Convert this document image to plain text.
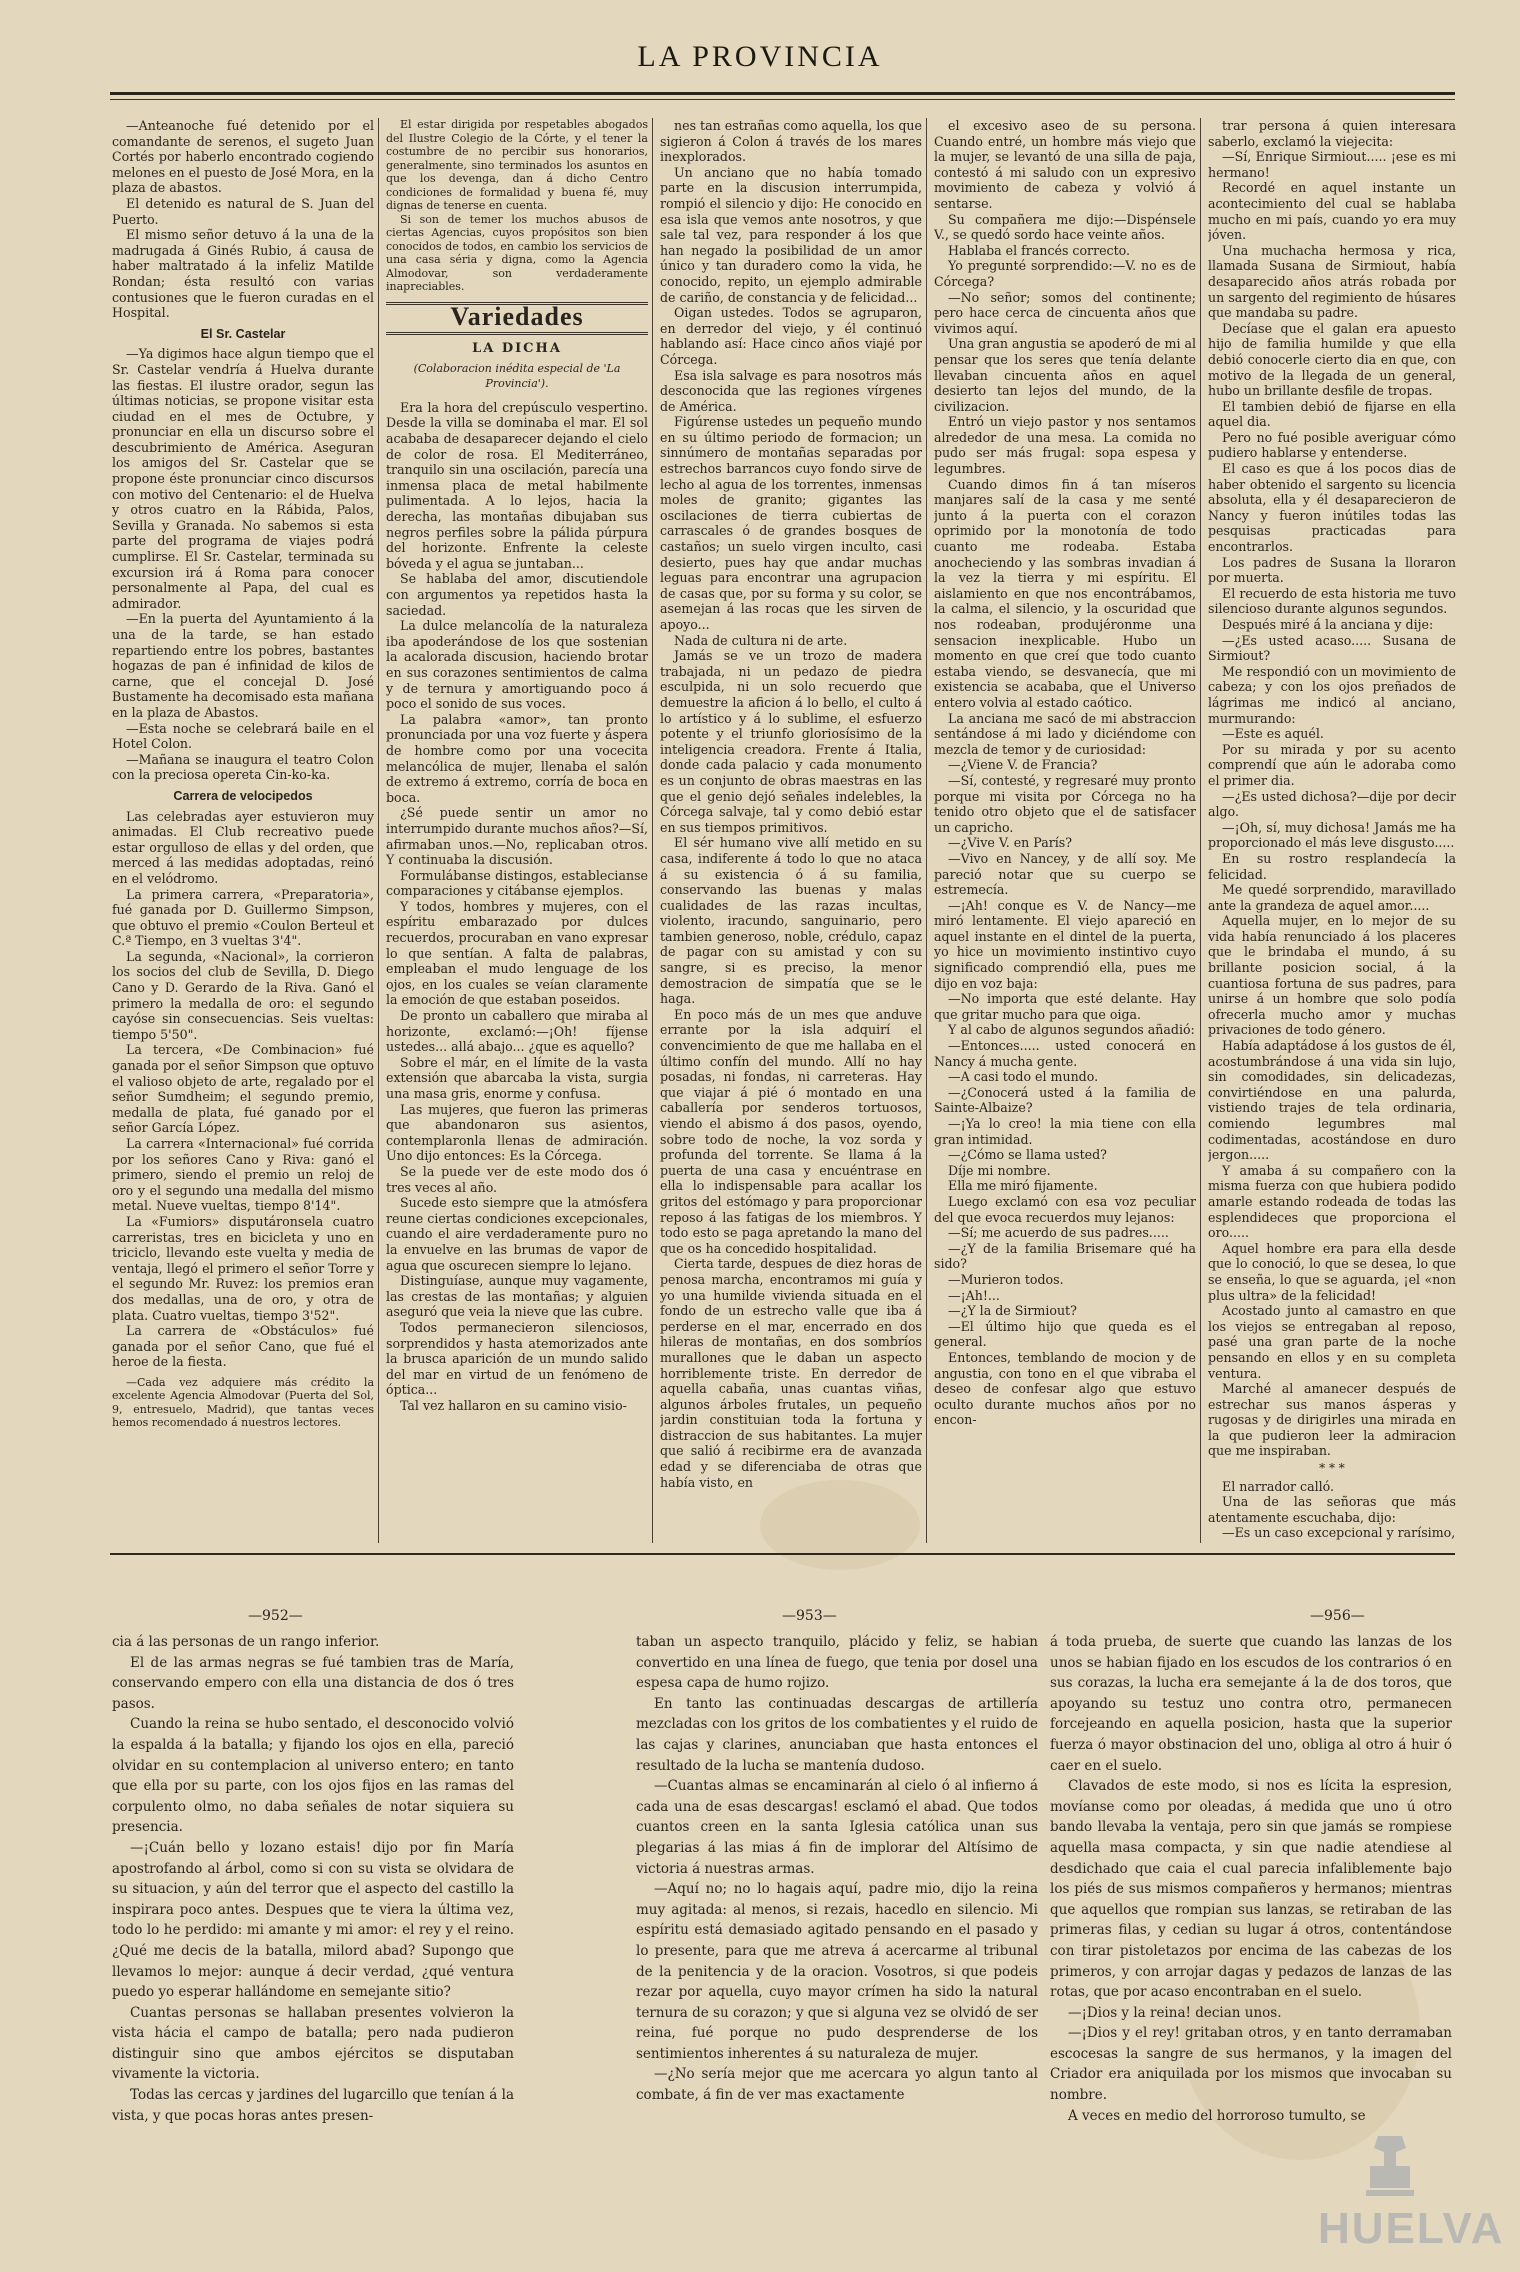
LA PROVINCIA

—Anteanoche fué detenido por el comandante de serenos, el sugeto Juan Cortés por haberlo encontrado cogiendo melones en el puesto de José Mora, en la plaza de abastos.

El detenido es natural de S. Juan del Puerto.

El mismo señor detuvo á la una de la madrugada á Ginés Rubio, á causa de haber maltratado á la infeliz Matilde Rondan; ésta resultó con varias contusiones que le fueron curadas en el Hospital.

El Sr. Castelar

—Ya digimos hace algun tiempo que el Sr. Castelar vendría á Huelva durante las fiestas. El ilustre orador, segun las últimas noticias, se propone visitar esta ciudad en el mes de Octubre, y pronunciar en ella un discurso sobre el descubrimiento de América. Aseguran los amigos del Sr. Castelar que se propone éste pronunciar cinco discursos con motivo del Centenario: el de Huelva y otros cuatro en la Rábida, Palos, Sevilla y Granada. No sabemos si esta parte del programa de viajes podrá cumplirse. El Sr. Castelar, terminada su excursion irá á Roma para conocer personalmente al Papa, del cual es admirador.

—En la puerta del Ayuntamiento á la una de la tarde, se han estado repartiendo entre los pobres, bastantes hogazas de pan é infinidad de kilos de carne, que el concejal D. José Bustamente ha decomisado esta mañana en la plaza de Abastos.

—Esta noche se celebrará baile en el Hotel Colon.

—Mañana se inaugura el teatro Colon con la preciosa opereta Cin-ko-ka.

Carrera de velocipedos

Las celebradas ayer estuvieron muy animadas. El Club recreativo puede estar orgulloso de ellas y del orden, que merced á las medidas adoptadas, reinó en el velódromo.

La primera carrera, «Preparatoria», fué ganada por D. Guillermo Simpson, que obtuvo el premio «Coulon Berteul et C.ª Tiempo, en 3 vueltas 3'4".

La segunda, «Nacional», la corrieron los socios del club de Sevilla, D. Diego Cano y D. Gerardo de la Riva. Ganó el primero la medalla de oro: el segundo cayóse sin consecuencias. Seis vueltas: tiempo 5'50".

La tercera, «De Combinacion» fué ganada por el señor Simpson que optuvo el valioso objeto de arte, regalado por el señor Sumdheim; el segundo premio, medalla de plata, fué ganado por el señor García López.

La carrera «Internacional» fué corrida por los señores Cano y Riva: ganó el primero, siendo el premio un reloj de oro y el segundo una medalla del mismo metal. Nueve vueltas, tiempo 8'14".

La «Fumiors» disputáronsela cuatro carreristas, tres en bicicleta y uno en triciclo, llevando este vuelta y media de ventaja, llegó el primero el señor Torre y el segundo Mr. Ruvez: los premios eran dos medallas, una de oro, y otra de plata. Cuatro vueltas, tiempo 3'52".

La carrera de «Obstáculos» fué ganada por el señor Cano, que fué el heroe de la fiesta.

—Cada vez adquiere más crédito la excelente Agencia Almodovar (Puerta del Sol, 9, entresuelo, Madrid), que tantas veces hemos recomendado á nuestros lectores.

El estar dirigida por respetables abogados del Ilustre Colegio de la Córte, y el tener la costumbre de no percibir sus honorarios, generalmente, sino terminados los asuntos en que los devenga, dan á dicho Centro condiciones de formalidad y buena fé, muy dignas de tenerse en cuenta.

Si son de temer los muchos abusos de ciertas Agencias, cuyos propósitos son bien conocidos de todos, en cambio los servicios de una casa séria y digna, como la Agencia Almodovar, son verdaderamente inapreciables.

Variedades
LA DICHA
(Colaboracion inédita especial de 'La Provincia').

Era la hora del crepúsculo vespertino. Desde la villa se dominaba el mar. El sol acababa de desaparecer dejando el cielo de color de rosa. El Mediterráneo, tranquilo sin una oscilación, parecía una inmensa placa de metal habilmente pulimentada. A lo lejos, hacia la derecha, las montañas dibujaban sus negros perfiles sobre la pálida púrpura del horizonte. Enfrente la celeste bóveda y el agua se juntaban...

Se hablaba del amor, discutiendole con argumentos ya repetidos hasta la saciedad.

La dulce melancolía de la naturaleza iba apoderándose de los que sostenian la acalorada discusion, haciendo brotar en sus corazones sentimientos de calma y de ternura y amortiguando poco á poco el sonido de sus voces.

La palabra «amor», tan pronto pronunciada por una voz fuerte y áspera de hombre como por una vocecita melancólica de mujer, llenaba el salón de extremo á extremo, corría de boca en boca.

¿Sé puede sentir un amor no interrumpido durante muchos años?—Sí, afirmaban unos.—No, replicaban otros. Y continuaba la discusión.

Formulábanse distingos, establecianse comparaciones y citábanse ejemplos.

Y todos, hombres y mujeres, con el espíritu embarazado por dulces recuerdos, procuraban en vano expresar lo que sentían. A falta de palabras, empleaban el mudo lenguage de los ojos, en los cuales se veían claramente la emoción de que estaban poseidos.

De pronto un caballero que miraba al horizonte, exclamó:—¡Oh! fíjense ustedes... allá abajo... ¿que es aquello?

Sobre el már, en el límite de la vasta extensión que abarcaba la vista, surgia una masa gris, enorme y confusa.

Las mujeres, que fueron las primeras que abandonaron sus asientos, contemplaronla llenas de admiración. Uno dijo entonces: Es la Córcega.

Se la puede ver de este modo dos ó tres veces al año.

Sucede esto siempre que la atmósfera reune ciertas condiciones excepcionales, cuando el aire verdaderamente puro no la envuelve en las brumas de vapor de agua que oscurecen siempre lo lejano.

Distinguíase, aunque muy vagamente, las crestas de las montañas; y alguien aseguró que veia la nieve que las cubre.

Todos permanecieron silenciosos, sorprendidos y hasta atemorizados ante la brusca aparición de un mundo salido del mar en virtud de un fenómeno de óptica...

Tal vez hallaron en su camino visio-

nes tan estrañas como aquella, los que sigieron á Colon á través de los mares inexplorados.

Un anciano que no había tomado parte en la discusion interrumpida, rompió el silencio y dijo: He conocido en esa isla que vemos ante nosotros, y que sale tal vez, para responder á los que han negado la posibilidad de un amor único y tan duradero como la vida, he conocido, repito, un ejemplo admirable de cariño, de constancia y de felicidad...

Oigan ustedes. Todos se agruparon, en derredor del viejo, y él continuó hablando así: Hace cinco años viajé por Córcega.

Esa isla salvage es para nosotros más desconocida que las regiones vírgenes de América.

Figúrense ustedes un pequeño mundo en su último periodo de formacion; un sinnúmero de montañas separadas por estrechos barrancos cuyo fondo sirve de lecho al agua de los torrentes, inmensas moles de granito; gigantes las oscilaciones de tierra cubiertas de carrascales ó de grandes bosques de castaños; un suelo virgen inculto, casi desierto, pues hay que andar muchas leguas para encontrar una agrupacion de casas que, por su forma y su color, se asemejan á las rocas que les sirven de apoyo...

Nada de cultura ni de arte.

Jamás se ve un trozo de madera trabajada, ni un pedazo de piedra esculpida, ni un solo recuerdo que demuestre la aficion á lo bello, el culto á lo artístico y á lo sublime, el esfuerzo potente y el triunfo gloriosísimo de la inteligencia creadora. Frente á Italia, donde cada palacio y cada monumento es un conjunto de obras maestras en las que el genio dejó señales indelebles, la Córcega salvaje, tal y como debió estar en sus tiempos primitivos.

El sér humano vive allí metido en su casa, indiferente á todo lo que no ataca á su existencia ó á su familia, conservando las buenas y malas cualidades de las razas incultas, violento, iracundo, sanguinario, pero tambien generoso, noble, crédulo, capaz de pagar con su amistad y con su sangre, si es preciso, la menor demostracion de simpatía que se le haga.

En poco más de un mes que anduve errante por la isla adquirí el convencimiento de que me hallaba en el último confín del mundo. Allí no hay posadas, ni fondas, ni carreteras. Hay que viajar á pié ó montado en una caballería por senderos tortuosos, viendo el abismo á dos pasos, oyendo, sobre todo de noche, la voz sorda y profunda del torrente. Se llama á la puerta de una casa y encuéntrase en ella lo indispensable para acallar los gritos del estómago y para proporcionar reposo á las fatigas de los miembros. Y todo esto se paga apretando la mano del que os ha concedido hospitalidad.

Cierta tarde, despues de diez horas de penosa marcha, encontramos mi guía y yo una humilde vivienda situada en el fondo de un estrecho valle que iba á perderse en el mar, encerrado en dos hileras de montañas, en dos sombríos murallones que le daban un aspecto horriblemente triste. En derredor de aquella cabaña, unas cuantas viñas, algunos árboles frutales, un pequeño jardin constituian toda la fortuna y distraccion de sus habitantes. La mujer que salió á recibirme era de avanzada edad y se diferenciaba de otras que había visto, en

el excesivo aseo de su persona. Cuando entré, un hombre más viejo que la mujer, se levantó de una silla de paja, contestó á mi saludo con un expresivo movimiento de cabeza y volvió á sentarse.

Su compañera me dijo:—Dispénsele V., se quedó sordo hace veinte años.

Hablaba el francés correcto.

Yo pregunté sorprendido:—V. no es de Córcega?

—No señor; somos del continente; pero hace cerca de cincuenta años que vivimos aquí.

Una gran angustia se apoderó de mi al pensar que los seres que tenía delante llevaban cincuenta años en aquel desierto tan lejos del mundo, de la civilizacion.

Entró un viejo pastor y nos sentamos alrededor de una mesa. La comida no pudo ser más frugal: sopa espesa y legumbres.

Cuando dimos fin á tan míseros manjares salí de la casa y me senté junto á la puerta con el corazon oprimido por la monotonía de todo cuanto me rodeaba. Estaba anocheciendo y las sombras invadian á la vez la tierra y mi espíritu. El aislamiento en que nos encontrábamos, la calma, el silencio, y la oscuridad que nos rodeaban, produjéronme una sensacion inexplicable. Hubo un momento en que creí que todo cuanto estaba viendo, se desvanecía, que mi existencia se acababa, que el Universo entero volvia al estado caótico.

La anciana me sacó de mi abstraccion sentándose á mi lado y diciéndome con mezcla de temor y de curiosidad:

—¿Viene V. de Francia?

—Sí, contesté, y regresaré muy pronto porque mi visita por Córcega no ha tenido otro objeto que el de satisfacer un capricho.

—¿Vive V. en París?

—Vivo en Nancey, y de allí soy. Me pareció notar que su cuerpo se estremecía.

—¡Ah! conque es V. de Nancy—me miró lentamente. El viejo apareció en aquel instante en el dintel de la puerta, yo hice un movimiento instintivo cuyo significado comprendió ella, pues me dijo en voz baja:

—No importa que esté delante. Hay que gritar mucho para que oiga.

Y al cabo de algunos segundos añadió:

—Entonces..... usted conocerá en Nancy á mucha gente.

—A casi todo el mundo.

—¿Conocerá usted á la familia de Sainte-Albaize?

—¡Ya lo creo! la mia tiene con ella gran intimidad.

—¿Cómo se llama usted?

Díje mi nombre.

Ella me miró fijamente.

Luego exclamó con esa voz peculiar del que evoca recuerdos muy lejanos:

—Sí; me acuerdo de sus padres.....

—¿Y de la familia Brisemare qué ha sido?

—Murieron todos.

—¡Ah!...

—¿Y la de Sirmiout?

—El último hijo que queda es el general.

Entonces, temblando de mocion y de angustia, con tono en el que vibraba el deseo de confesar algo que estuvo oculto durante muchos años por no encon-

trar persona á quien interesara saberlo, exclamó la viejecita:

—Sí, Enrique Sirmiout..... ¡ese es mi hermano!

Recordé en aquel instante un acontecimiento del cual se hablaba mucho en mi país, cuando yo era muy jóven.

Una muchacha hermosa y rica, llamada Susana de Sirmiout, había desaparecido años atrás robada por un sargento del regimiento de húsares que mandaba su padre.

Decíase que el galan era apuesto hijo de familia humilde y que ella debió conocerle cierto dia en que, con motivo de la llegada de un general, hubo un brillante desfile de tropas.

El tambien debió de fijarse en ella aquel dia.

Pero no fué posible averiguar cómo pudiero hablarse y entenderse.

El caso es que á los pocos dias de haber obtenido el sargento su licencia absoluta, ella y él desaparecieron de Nancy y fueron inútiles todas las pesquisas practicadas para encontrarlos.

Los padres de Susana la lloraron por muerta.

El recuerdo de esta historia me tuvo silencioso durante algunos segundos.

Después miré á la anciana y dije:

—¿Es usted acaso..... Susana de Sirmiout?

Me respondió con un movimiento de cabeza; y con los ojos preñados de lágrimas me indicó al anciano, murmurando:

—Este es aquél.

Por su mirada y por su acento comprendí que aún le adoraba como el primer dia.

—¿Es usted dichosa?—dije por decir algo.

—¡Oh, sí, muy dichosa! Jamás me ha proporcionado el más leve disgusto.....

En su rostro resplandecía la felicidad.

Me quedé sorprendido, maravillado ante la grandeza de aquel amor.....

Aquella mujer, en lo mejor de su vida había renunciado á los placeres que le brindaba el mundo, á su brillante posicion social, á la cuantiosa fortuna de sus padres, para unirse á un hombre que solo podía ofrecerla mucho amor y muchas privaciones de todo género.

Había adaptádose á los gustos de él, acostumbrándose á una vida sin lujo, sin comodidades, sin delicadezas, convirtiéndose en una palurda, vistiendo trajes de tela ordinaria, comiendo legumbres mal codimentadas, acostándose en duro jergon.....

Y amaba á su compañero con la misma fuerza con que hubiera podido amarle estando rodeada de todas las esplendideces que proporciona el oro.....

Aquel hombre era para ella desde que lo conoció, lo que se desea, lo que se enseña, lo que se aguarda, ¡el «non plus ultra» de la felicidad!

Acostado junto al camastro en que los viejos se entregaban al reposo, pasé una gran parte de la noche pensando en ellos y en su completa ventura.

Marché al amanecer después de estrechar sus manos ásperas y rugosas y de dirigirles una mirada en la que pudieron leer la admiracion que me inspiraban.

* * *

El narrador calló.

Una de las señoras que más atentamente escuchaba, dijo:

—Es un caso excepcional y rarísimo,

—952—	—953—	—956—

cia á las personas de un rango inferior.

El de las armas negras se fué tambien tras de María, conservando empero con ella una distancia de dos ó tres pasos.

Cuando la reina se hubo sentado, el desconocido volvió la espalda á la batalla; y fijando los ojos en ella, pareció olvidar en su contemplacion al universo entero; en tanto que ella por su parte, con los ojos fijos en las ramas del corpulento olmo, no daba señales de notar siquiera su presencia.

—¡Cuán bello y lozano estais! dijo por fin María apostrofando al árbol, como si con su vista se olvidara de su situacion, y aún del terror que el aspecto del castillo la inspirara poco antes. Despues que te viera la última vez, todo lo he perdido: mi amante y mi amor: el rey y el reino. ¿Qué me decis de la batalla, milord abad? Supongo que llevamos lo mejor: aunque á decir verdad, ¿qué ventura puedo yo esperar hallándome en semejante sitio?

Cuantas personas se hallaban presentes volvieron la vista hácia el campo de batalla; pero nada pudieron distinguir sino que ambos ejércitos se disputaban vivamente la victoria.

Todas las cercas y jardines del lugarcillo que tenían á la vista, y que pocas horas antes presen-

taban un aspecto tranquilo, plácido y feliz, se habian convertido en una línea de fuego, que tenia por dosel una espesa capa de humo rojizo.

En tanto las continuadas descargas de artillería mezcladas con los gritos de los combatientes y el ruido de las cajas y clarines, anunciaban que hasta entonces el resultado de la lucha se mantenía dudoso.

—Cuantas almas se encaminarán al cielo ó al infierno á cada una de esas descargas! esclamó el abad. Que todos cuantos creen en la santa Iglesia católica unan sus plegarias á las mias á fin de implorar del Altísimo de victoria á nuestras armas.

—Aquí no; no lo hagais aquí, padre mio, dijo la reina muy agitada: al menos, si rezais, hacedlo en silencio. Mi espíritu está demasiado agitado pensando en el pasado y lo presente, para que me atreva á acercarme al tribunal de la penitencia y de la oracion. Vosotros, si que podeis rezar por aquella, cuyo mayor crímen ha sido la natural ternura de su corazon; y que si alguna vez se olvidó de ser reina, fué porque no pudo desprenderse de los sentimientos inherentes á su naturaleza de mujer.

—¿No sería mejor que me acercara yo algun tanto al combate, á fin de ver mas exactamente

á toda prueba, de suerte que cuando las lanzas de los unos se habian fijado en los escudos de los contrarios ó en sus corazas, la lucha era semejante á la de dos toros, que apoyando su testuz uno contra otro, permanecen forcejeando en aquella posicion, hasta que la superior fuerza ó mayor obstinacion del uno, obliga al otro á huir ó caer en el suelo.

Clavados de este modo, si nos es lícita la espresion, movíanse como por oleadas, á medida que uno ú otro bando llevaba la ventaja, pero sin que jamás se rompiese aquella masa compacta, y sin que nadie atendiese al desdichado que caia el cual parecia infaliblemente bajo los piés de sus mismos compañeros y hermanos; mientras que aquellos que rompian sus lanzas, se retiraban de las primeras filas, y cedian su lugar á otros, contentándose con tirar pistoletazos por encima de las cabezas de los primeros, y con arrojar dagas y pedazos de lanzas de las rotas, que por acaso encontraban en el suelo.

—¡Dios y la reina! decian unos.

—¡Dios y el rey! gritaban otros, y en tanto derramaban escocesas la sangre de sus hermanos, y la imagen del Criador era aniquilada por los mismos que invocaban su nombre.

A veces en medio del horroroso tumulto, se

HUELVA
